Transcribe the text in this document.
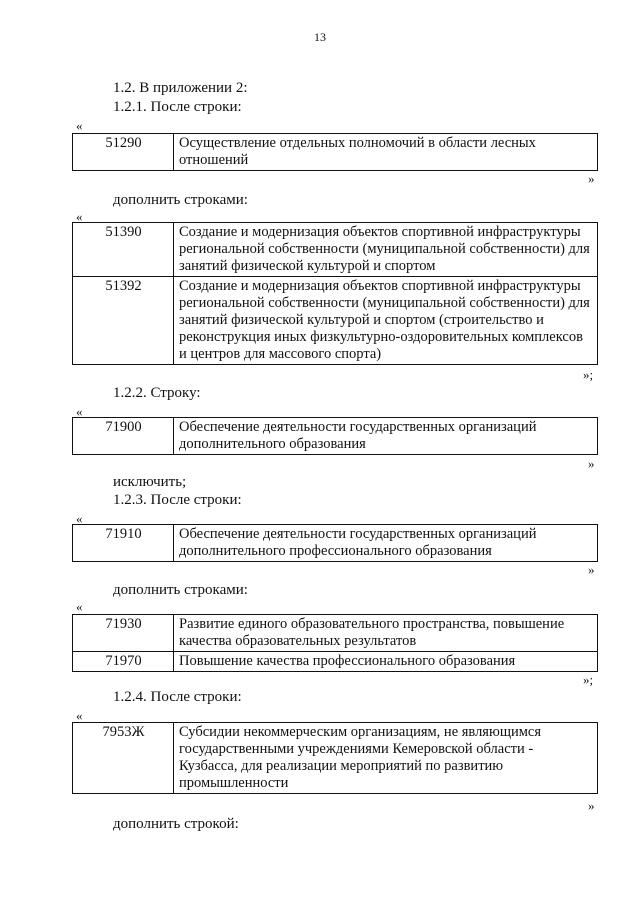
13
1.2. В приложении 2:
1.2.1. После строки:
«
51290	Осуществление отдельных полномочий в области лесных отношений
»
дополнить строками:
«
51390	Создание и модернизация объектов спортивной инфраструктуры региональной собственности (муниципальной собственности) для занятий физической культурой и спортом
51392	Создание и модернизация объектов спортивной инфраструктуры региональной собственности (муниципальной собственности) для занятий физической культурой и спортом (строительство и реконструкция иных физкультурно-оздоровительных комплексов и центров для массового спорта)
»;
1.2.2. Строку:
«
71900	Обеспечение деятельности государственных организаций дополнительного образования
»
исключить;
1.2.3. После строки:
«
71910	Обеспечение деятельности государственных организаций дополнительного профессионального образования
»
дополнить строками:
«
71930	Развитие единого образовательного пространства, повышение качества образовательных результатов
71970	Повышение качества профессионального образования
»;
1.2.4. После строки:
«
7953Ж	Субсидии некоммерческим организациям, не являющимся государственными учреждениями Кемеровской области - Кузбасса, для реализации мероприятий по развитию промышленности
»
дополнить строкой:
